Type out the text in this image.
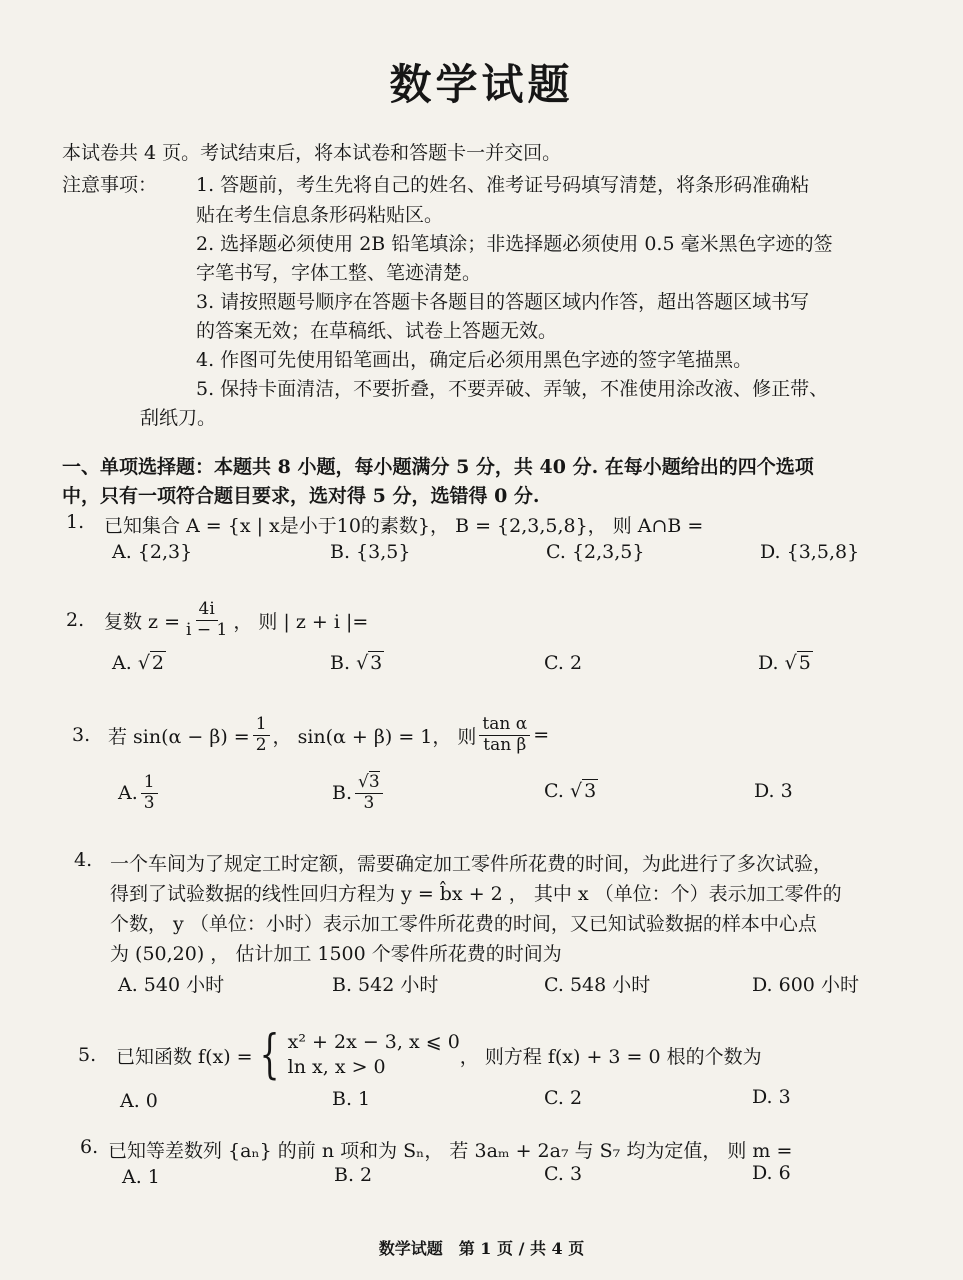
数学试题
本试卷共 4 页。考试结束后，将本试卷和答题卡一并交回。
注意事项： 1. 答题前，考生先将自己的姓名、准考证号码填写清楚，将条形码准确粘
贴在考生信息条形码粘贴区。
2. 选择题必须使用 2B 铅笔填涂；非选择题必须使用 0.5 毫米黑色字迹的签
字笔书写，字体工整、笔迹清楚。
3. 请按照题号顺序在答题卡各题目的答题区域内作答，超出答题区域书写
的答案无效；在草稿纸、试卷上答题无效。
4. 作图可先使用铅笔画出，确定后必须用黑色字迹的签字笔描黑。
5. 保持卡面清洁，不要折叠，不要弄破、弄皱，不准使用涂改液、修正带、
刮纸刀。
一、单项选择题：本题共 8 小题，每小题满分 5 分，共 40 分. 在每小题给出的四个选项
中，只有一项符合题目要求，选对得 5 分，选错得 0 分.
1. 已知集合 A = {x | x是小于10的素数}， B = {2,3,5,8}， 则 A∩B =
A. {2,3}	B. {3,5}	C. {2,3,5}	D. {3,5,8}
2. 复数 $z = \frac{4i}{i - 1}$ ， 则 | z + i |=
A. √ 2	B. √ 3	C. 2	D. √ 5
3. 若 $\sin(\alpha - \beta) = \frac{1}{2}$ ， sin(α + β) = 1， 则 $\frac{\text{tan α}}{\text{tan β}}$ =
A. $\frac{1}{3}$	B. $\frac{√3}{3}$	C. √ 3	D. 3
4. 一个车间为了规定工时定额，需要确定加工零件所花费的时间，为此进行了多次试验，
得到了试验数据的线性回归方程为 y = b̂x + 2 ， 其中 x （单位：个）表示加工零件的
个数， y （单位：小时）表示加工零件所花费的时间，又已知试验数据的样本中心点
为 (50,20) ， 估计加工 1500 个零件所花费的时间为
A. 540 小时	B. 542 小时	C. 548 小时	D. 600 小时
5. 已知函数 f(x) = { x² + 2x − 3, x ⩽ 0
ln x, x > 0	， 则方程 f(x) + 3 = 0 根的个数为
A. 0	B. 1	C. 2	D. 3
6. 已知等差数列 {aₙ} 的前 n 项和为 Sₙ， 若 3aₘ + 2a₇ 与 S₇ 均为定值， 则 m =
A. 1	B. 2	C. 3	D. 6
数学试题　第 1 页 / 共 4 页
